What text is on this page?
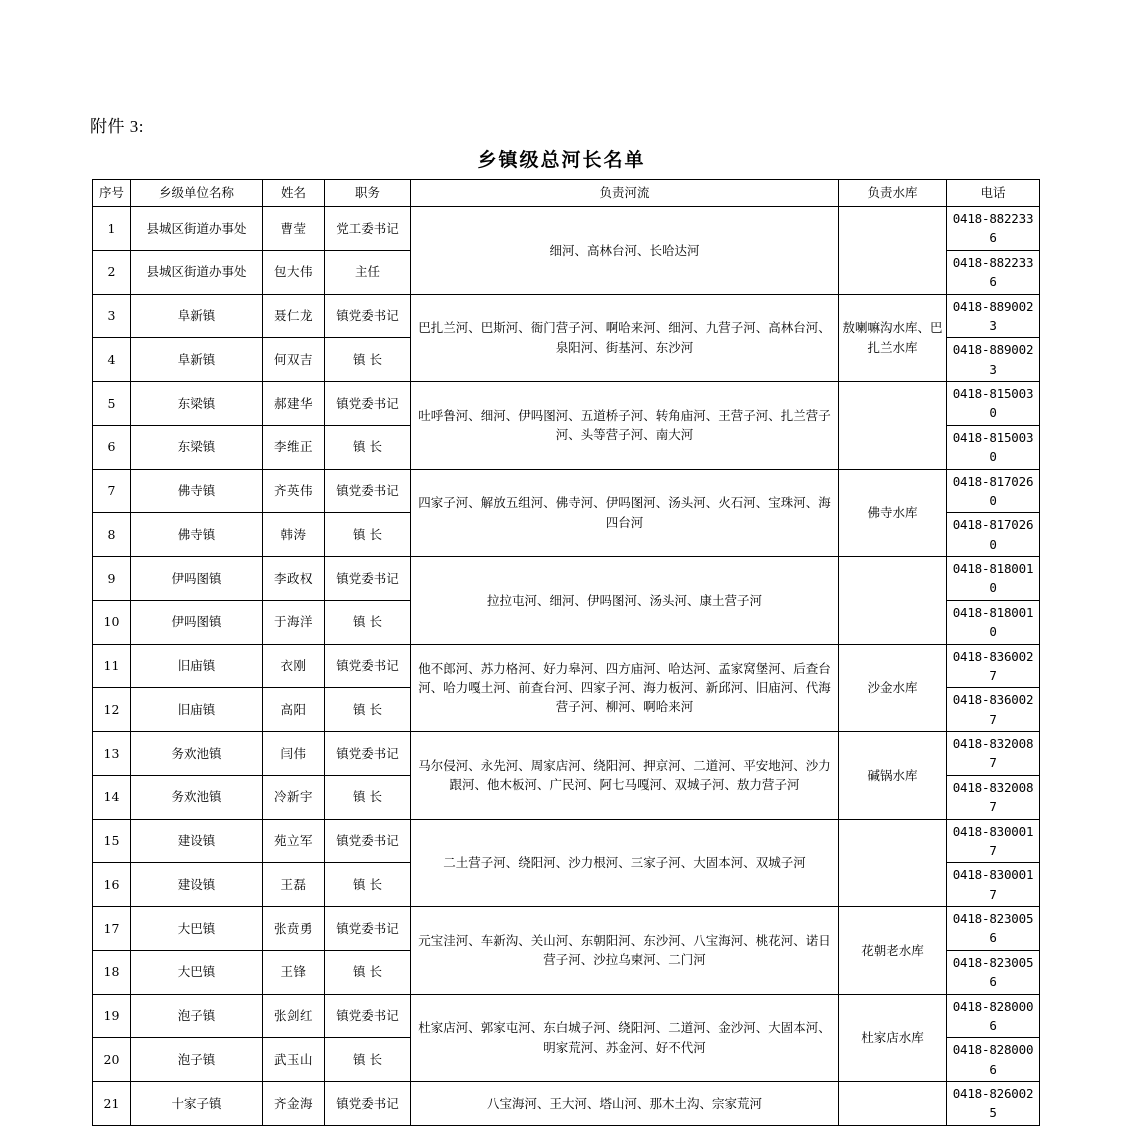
附件 3:
乡镇级总河长名单
序号	乡级单位名称	姓名	职务	负责河流	负责水库	电话
1	县城区街道办事处	曹莹	党工委书记	细河、高林台河、长哈达河		0418-8822336
2	县城区街道办事处	包大伟	主任			0418-8822336
3	阜新镇	聂仁龙	镇党委书记	巴扎兰河、巴斯河、衙门营子河、啊哈来河、细河、九营子河、高林台河、泉阳河、街基河、东沙河	敖喇嘛沟水库、巴扎兰水库	0418-8890023
4	阜新镇	何双吉	镇 长			0418-8890023
5	东梁镇	郝建华	镇党委书记	吐呼鲁河、细河、伊吗图河、五道桥子河、转角庙河、王营子河、扎兰营子河、头等营子河、南大河		0418-8150030
6	东梁镇	李维正	镇 长			0418-8150030
7	佛寺镇	齐英伟	镇党委书记	四家子河、解放五组河、佛寺河、伊吗图河、汤头河、火石河、宝珠河、海四台河	佛寺水库	0418-8170260
8	佛寺镇	韩涛	镇 长			0418-8170260
9	伊吗图镇	李政权	镇党委书记	拉拉屯河、细河、伊吗图河、汤头河、康土营子河		0418-8180010
10	伊吗图镇	于海洋	镇 长			0418-8180010
11	旧庙镇	衣刚	镇党委书记	他不郎河、苏力格河、好力皋河、四方庙河、哈达河、孟家窝堡河、后查台河、哈力嘎土河、前查台河、四家子河、海力板河、新邱河、旧庙河、代海营子河、柳河、啊哈来河	沙金水库	0418-8360027
12	旧庙镇	高阳	镇 长			0418-8360027
13	务欢池镇	闫伟	镇党委书记	马尔侵河、永先河、周家店河、绕阳河、押京河、二道河、平安地河、沙力跟河、他木板河、广民河、阿七马嘎河、双城子河、敖力营子河	碱锅水库	0418-8320087
14	务欢池镇	冷新宇	镇 长			0418-8320087
15	建设镇	苑立军	镇党委书记	二土营子河、绕阳河、沙力根河、三家子河、大固本河、双城子河		0418-8300017
16	建设镇	王磊	镇 长			0418-8300017
17	大巴镇	张贲勇	镇党委书记	元宝洼河、车新沟、关山河、东朝阳河、东沙河、八宝海河、桃花河、诺日营子河、沙拉乌柬河、二门河	花朝老水库	0418-8230056
18	大巴镇	王锋	镇 长			0418-8230056
19	泡子镇	张剑红	镇党委书记	杜家店河、郭家屯河、东白城子河、绕阳河、二道河、金沙河、大固本河、明家荒河、苏金河、好不代河	杜家店水库	0418-8280006
20	泡子镇	武玉山	镇 长			0418-8280006
21	十家子镇	齐金海	镇党委书记	八宝海河、王大河、塔山河、那木土沟、宗家荒河		0418-8260025
